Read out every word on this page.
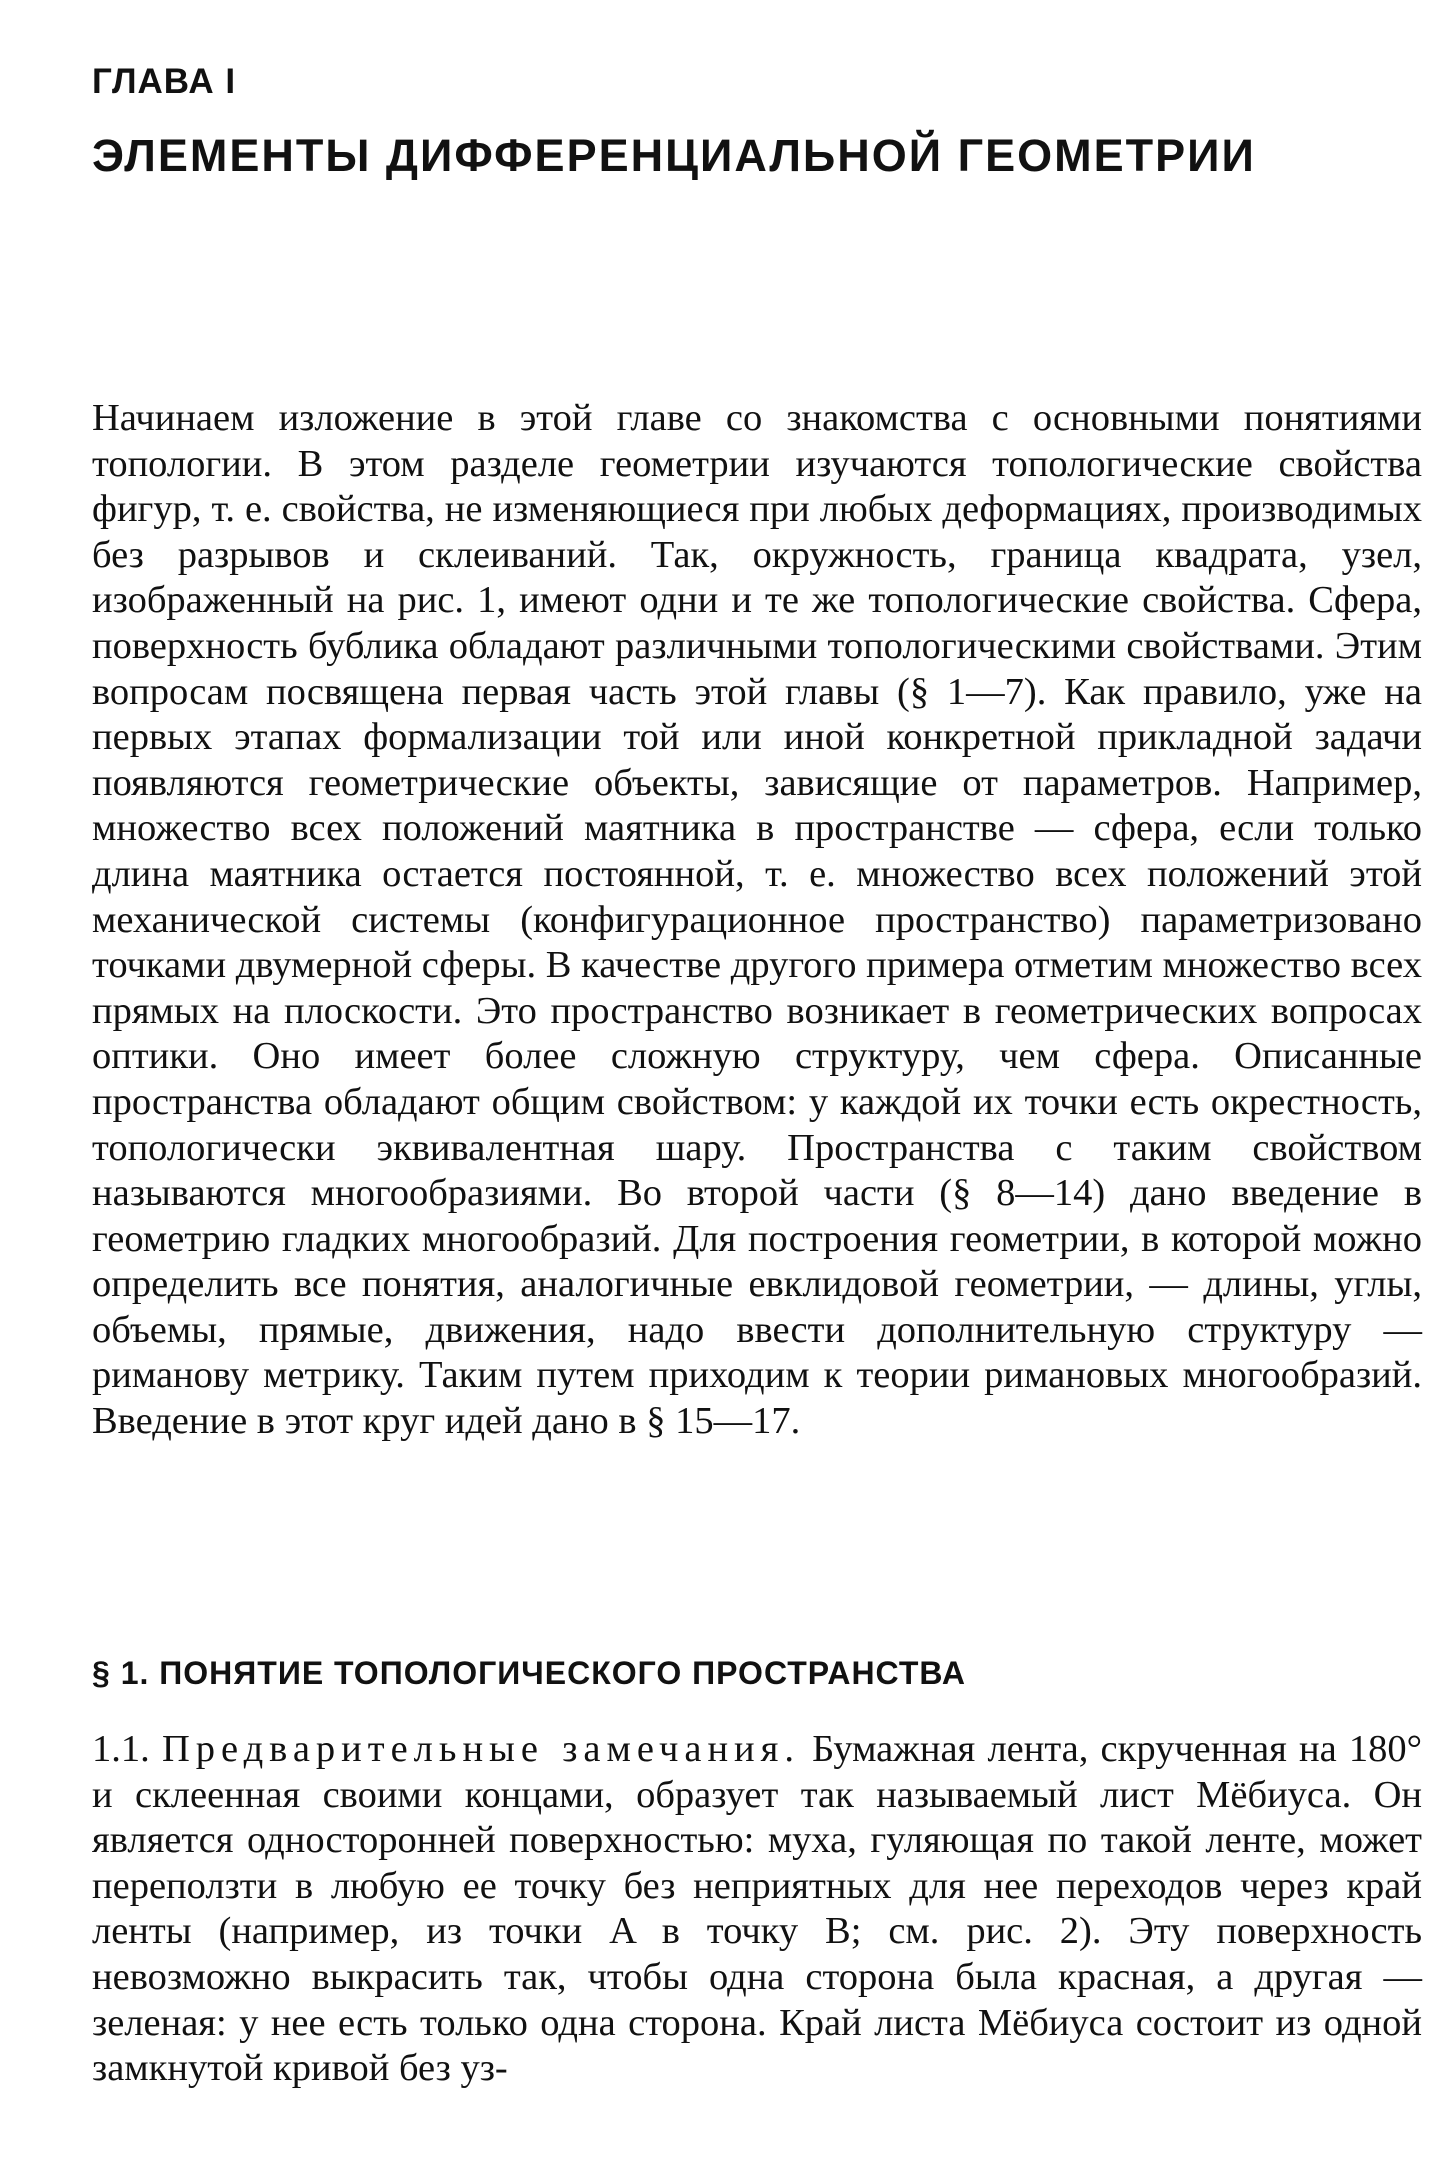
ГЛАВА I
ЭЛЕМЕНТЫ ДИФФЕРЕНЦИАЛЬНОЙ ГЕОМЕТРИИ

Начинаем изложение в этой главе со знакомства с основными понятиями топологии. В этом разделе геометрии изучаются топологические свойства фигур, т. е. свойства, не изменяющиеся при любых деформациях, производимых без разрывов и склеиваний. Так, окружность, граница квадрата, узел, изображенный на рис. 1, имеют одни и те же топологические свойства. Сфера, поверхность бублика обладают различными топологическими свойствами. Этим вопросам посвящена первая часть этой главы (§ 1—7). Как правило, уже на первых этапах формализации той или иной конкретной прикладной задачи появляются геометрические объекты, зависящие от параметров. Например, множество всех положений маятника в пространстве — сфера, если только длина маятника остается постоянной, т. е. множество всех положений этой механической системы (конфигурационное пространство) параметризовано точками двумерной сферы. В качестве другого примера отметим множество всех прямых на плоскости. Это пространство возникает в геометрических вопросах оптики. Оно имеет более сложную структуру, чем сфера. Описанные пространства обладают общим свойством: у каждой их точки есть окрестность, топологически эквивалентная шару. Пространства с таким свойством называются многообразиями. Во второй части (§ 8—14) дано введение в геометрию гладких многообразий. Для построения геометрии, в которой можно определить все понятия, аналогичные евклидовой геометрии, — длины, углы, объемы, прямые, движения, надо ввести дополнительную структуру — риманову метрику. Таким путем приходим к теории римановых многообразий. Введение в этот круг идей дано в § 15—17.

§ 1. ПОНЯТИЕ ТОПОЛОГИЧЕСКОГО ПРОСТРАНСТВА

1.1. Предварительные замечания. Бумажная лента, скрученная на 180° и склеенная своими концами, образует так называемый лист Мёбиуса. Он является односторонней поверхностью: муха, гуляющая по такой ленте, может переползти в любую ее точку без неприятных для нее переходов через край ленты (например, из точки A в точку B; см. рис. 2). Эту поверхность невозможно выкрасить так, чтобы одна сторона была красная, а другая — зеленая: у нее есть только одна сторона. Край листа Мёбиуса состоит из одной замкнутой кривой без уз-
